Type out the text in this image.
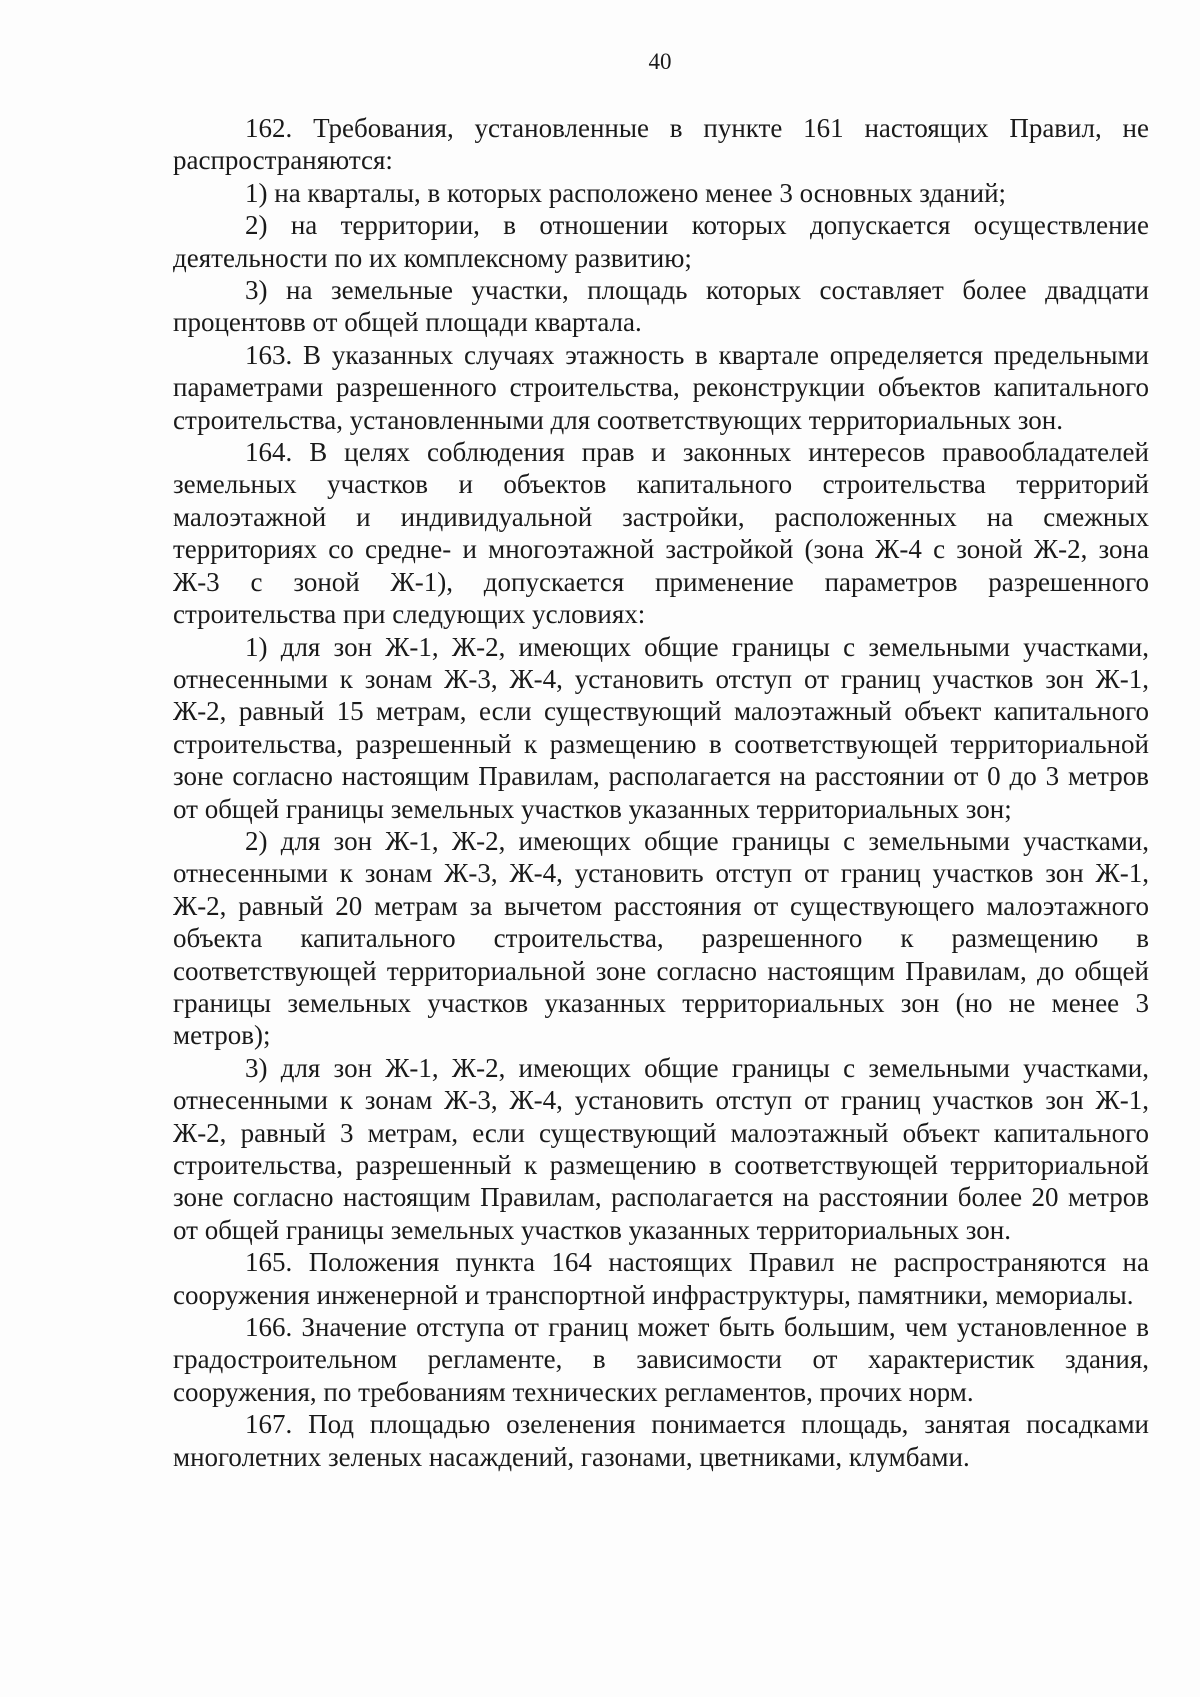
40

162. Требования, установленные в пункте 161 настоящих Правил, не распространяются:

1) на кварталы, в которых расположено менее 3 основных зданий;

2) на территории, в отношении которых допускается осуществление деятельности по их комплексному развитию;

3) на земельные участки, площадь которых составляет более двадцати процентовв от общей площади квартала.

163. В указанных случаях этажность в квартале определяется предельными параметрами разрешенного строительства, реконструкции объектов капитального строительства, установленными для соответствующих территориальных зон.

164. В целях соблюдения прав и законных интересов правообладателей земельных участков и объектов капитального строительства территорий малоэтажной и индивидуальной застройки, расположенных на смежных территориях со средне- и многоэтажной застройкой (зона Ж-4 с зоной Ж-2, зона Ж-3 с зоной Ж-1), допускается применение параметров разрешенного строительства при следующих условиях:

1) для зон Ж-1, Ж-2, имеющих общие границы с земельными участками, отнесенными к зонам Ж-3, Ж-4, установить отступ от границ участков зон Ж-1, Ж-2, равный 15 метрам, если существующий малоэтажный объект капитального строительства, разрешенный к размещению в соответствующей территориальной зоне согласно настоящим Правилам, располагается на расстоянии от 0 до 3 метров от общей границы земельных участков указанных территориальных зон;

2) для зон Ж-1, Ж-2, имеющих общие границы с земельными участками, отнесенными к зонам Ж-3, Ж-4, установить отступ от границ участков зон Ж-1, Ж-2, равный 20 метрам за вычетом расстояния от существующего малоэтажного объекта капитального строительства, разрешенного к размещению в соответствующей территориальной зоне согласно настоящим Правилам, до общей границы земельных участков указанных территориальных зон (но не менее 3 метров);

3) для зон Ж-1, Ж-2, имеющих общие границы с земельными участками, отнесенными к зонам Ж-3, Ж-4, установить отступ от границ участков зон Ж-1, Ж-2, равный 3 метрам, если существующий малоэтажный объект капитального строительства, разрешенный к размещению в соответствующей территориальной зоне согласно настоящим Правилам, располагается на расстоянии более 20 метров от общей границы земельных участков указанных территориальных зон.

165. Положения пункта 164 настоящих Правил не распространяются на сооружения инженерной и транспортной инфраструктуры, памятники, мемориалы.

166. Значение отступа от границ может быть большим, чем установленное в градостроительном регламенте, в зависимости от характеристик здания, сооружения, по требованиям технических регламентов, прочих норм.

167. Под площадью озеленения понимается площадь, занятая посадками многолетних зеленых насаждений, газонами, цветниками, клумбами.
